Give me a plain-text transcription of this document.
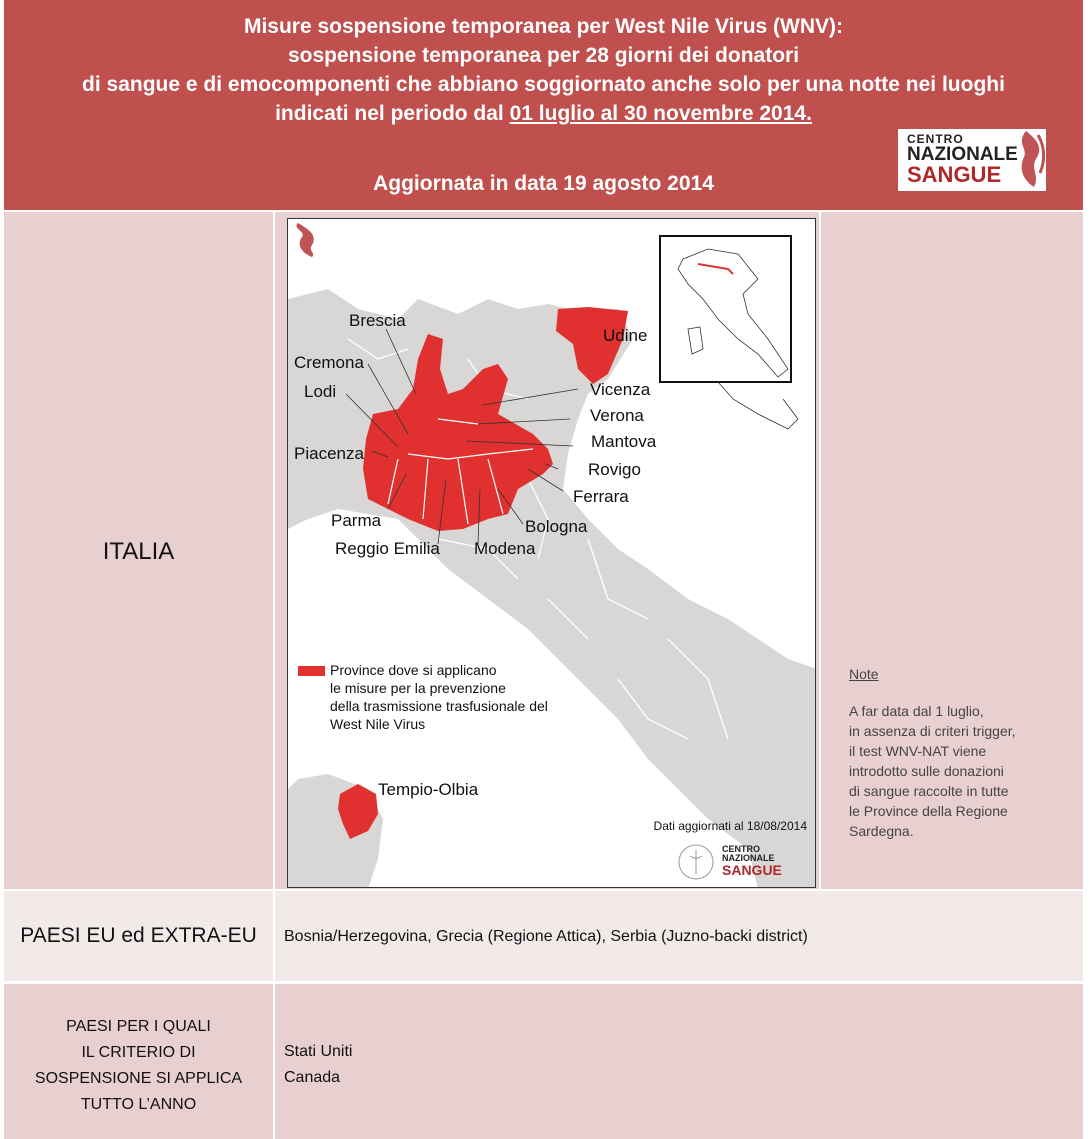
Misure sospensione temporanea per West Nile Virus (WNV):
sospensione temporanea per 28 giorni dei donatori
di sangue e di emocomponenti che abbiano soggiornato anche solo per una notte nei luoghi
indicati nel periodo dal 01 luglio al 30 novembre 2014.
Aggiornata in data 19 agosto 2014
CENTRO
NAZIONALE
SANGUE
ITALIA
Brescia
Cremona
Lodi
Piacenza
Parma
Reggio Emilia Modena
Bologna
Ferrara
Rovigo
Mantova
Verona
Vicenza
Udine
Tempio-Olbia
Province dove si applicano
le misure per la prevenzione
della trasmissione trasfusionale del
West Nile Virus
Dati aggiornati al 18/08/2014
CENTRO NAZIONALE
SANGUE
Note
A far data dal 1 luglio,
in assenza di criteri trigger,
il test WNV-NAT viene
introdotto sulle donazioni
di sangue raccolte in tutte
le Province della Regione
Sardegna.
PAESI EU ed EXTRA-EU	Bosnia/Herzegovina, Grecia (Regione Attica), Serbia (Juzno-backi district)
PAESI PER I QUALI
IL CRITERIO DI
SOSPENSIONE SI APPLICA
TUTTO L’ANNO
Stati Uniti
Canada
